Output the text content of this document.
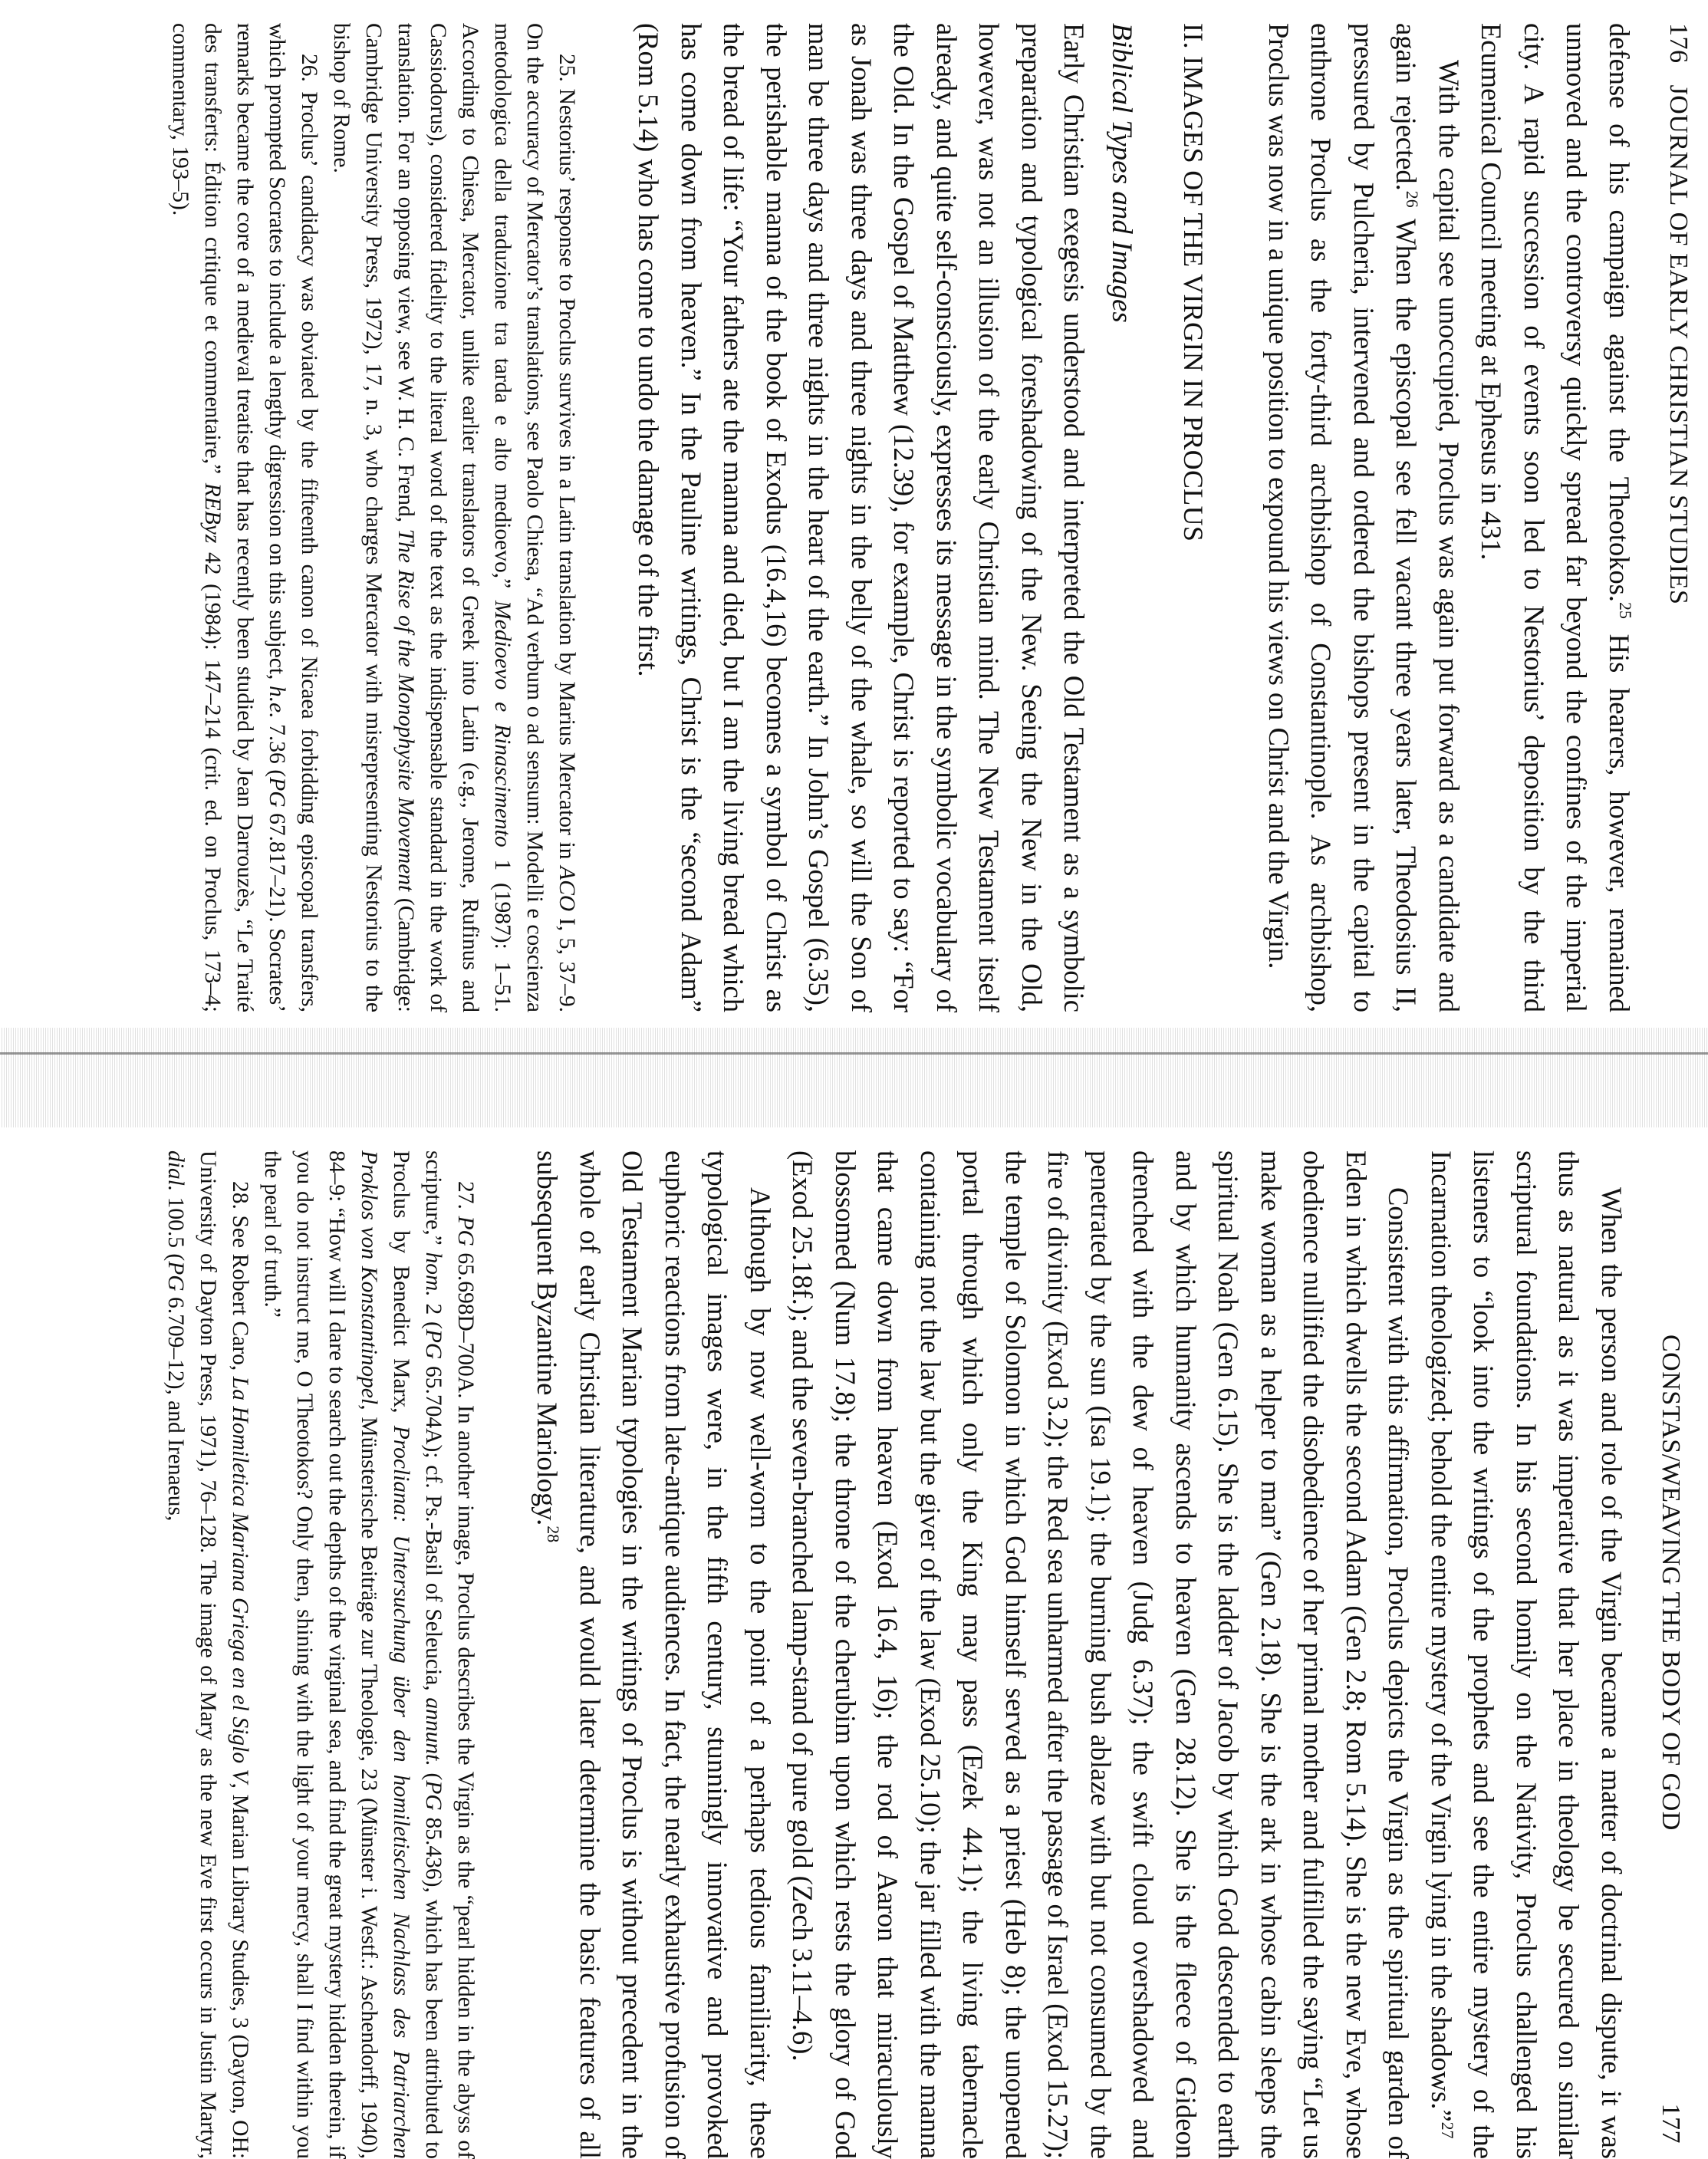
176
JOURNAL OF EARLY CHRISTIAN STUDIES

defense of his campaign against the Theotokos.$^{25}$ His hearers, however, remained unmoved and the controversy quickly spread far beyond the confines of the imperial city. A rapid succession of events soon led to Nestorius’ deposition by the third Ecumenical Council meeting at Ephesus in 431.

With the capital see unoccupied, Proclus was again put forward as a candidate and again rejected.$^{26}$ When the episcopal see fell vacant three years later, Theodosius II, pressured by Pulcheria, intervened and ordered the bishops present in the capital to enthrone Proclus as the forty-third archbishop of Constantinople. As archbishop, Proclus was now in a unique position to expound his views on Christ and the Virgin.

II. IMAGES OF THE VIRGIN IN PROCLUS
Biblical Types and Images

Early Christian exegesis understood and interpreted the Old Testament as a symbolic preparation and typological foreshadowing of the New. Seeing the New in the Old, however, was not an illusion of the early Christian mind. The New Testament itself already, and quite self-consciously, expresses its message in the symbolic vocabulary of the Old. In the Gospel of Matthew (12.39), for example, Christ is reported to say: “For as Jonah was three days and three nights in the belly of the whale, so will the Son of man be three days and three nights in the heart of the earth.” In John’s Gospel (6.35), the perishable manna of the book of Exodus (16.4,16) becomes a symbol of Christ as the bread of life: “Your fathers ate the manna and died, but I am the living bread which has come down from heaven.” In the Pauline writings, Christ is the “second Adam” (Rom 5.14) who has come to undo the damage of the first.

25. Nestorius’ response to Proclus survives in a Latin translation by Marius Mercator in ACO I, 5, 37–9. On the accuracy of Mercator’s translations, see Paolo Chiesa, “Ad verbum o ad sensum: Modelli e coscienza metodologica della traduzione tra tarda e alto medioevo,” Medioevo e Rinascimento 1 (1987): 1–51. According to Chiesa, Mercator, unlike earlier translators of Greek into Latin (e.g., Jerome, Rufinus and Cassiodorus), considered fidelity to the literal word of the text as the indispensable standard in the work of translation. For an opposing view, see W. H. C. Frend, The Rise of the Monophysite Movement (Cambridge: Cambridge University Press, 1972), 17, n. 3, who charges Mercator with misrepresenting Nestorius to the bishop of Rome.

26. Proclus’ candidacy was obviated by the fifteenth canon of Nicaea forbidding episcopal transfers, which prompted Socrates to include a lengthy digression on this subject, h.e. 7.36 (PG 67.817–21). Socrates’ remarks became the core of a medieval treatise that has recently been studied by Jean Darrouzès, “Le Traité des transferts: Édition critique et commentaire,” REByz 42 (1984): 147–214 (crit. ed. on Proclus, 173–4; commentary, 193–5).

CONSTAS/WEAVING THE BODY OF GOD
177

When the person and role of the Virgin became a matter of doctrinal dispute, it was thus as natural as it was imperative that her place in theology be secured on similar scriptural foundations. In his second homily on the Nativity, Proclus challenged his listeners to “look into the writings of the prophets and see the entire mystery of the Incarnation theologized; behold the entire mystery of the Virgin lying in the shadows.”$^{27}$

Consistent with this affirmation, Proclus depicts the Virgin as the spiritual garden of Eden in which dwells the second Adam (Gen 2.8; Rom 5.14). She is the new Eve, whose obedience nullified the disobedience of her primal mother and fulfilled the saying “Let us make woman as a helper to man” (Gen 2.18). She is the ark in whose cabin sleeps the spiritual Noah (Gen 6.15). She is the ladder of Jacob by which God descended to earth and by which humanity ascends to heaven (Gen 28.12). She is the fleece of Gideon drenched with the dew of heaven (Judg 6.37); the swift cloud overshadowed and penetrated by the sun (Isa 19.1); the burning bush ablaze with but not consumed by the fire of divinity (Exod 3.2); the Red sea unharmed after the passage of Israel (Exod 15.27); the temple of Solomon in which God himself served as a priest (Heb 8); the unopened portal through which only the King may pass (Ezek 44.1); the living tabernacle containing not the law but the giver of the law (Exod 25.10); the jar filled with the manna that came down from heaven (Exod 16.4, 16); the rod of Aaron that miraculously blossomed (Num 17.8); the throne of the cherubim upon which rests the glory of God (Exod 25.18f.); and the seven-branched lamp-stand of pure gold (Zech 3.11–4.6).

Although by now well-worn to the point of a perhaps tedious familiarity, these typological images were, in the fifth century, stunningly innovative and provoked euphoric reactions from late-antique audiences. In fact, the nearly exhaustive profusion of Old Testament Marian typologies in the writings of Proclus is without precedent in the whole of early Christian literature, and would later determine the basic features of all subsequent Byzantine Mariology.$^{28}$

27. PG 65.698D–700A. In another image, Proclus describes the Virgin as the “pearl hidden in the abyss of scripture,” hom. 2 (PG 65.704A); cf. Ps.-Basil of Seleucia, annunt. (PG 85.436), which has been attributed to Proclus by Benedict Marx, Procliana: Untersuchung über den homiletischen Nachlass des Patriarchen Proklos von Konstantinopel, Münsterische Beiträge zur Theologie, 23 (Münster i. Westf.: Aschendorff, 1940), 84–9: “How will I dare to search out the depths of the virginal sea, and find the great mystery hidden therein, if you do not instruct me, O Theotokos? Only then, shining with the light of your mercy, shall I find within you the pearl of truth.”

28. See Robert Caro, La Homiletica Mariana Griega en el Siglo V, Marian Library Studies, 3 (Dayton, OH: University of Dayton Press, 1971), 76–128. The image of Mary as the new Eve first occurs in Justin Martyr, dial. 100.5 (PG 6.709–12), and Irenaeus,
